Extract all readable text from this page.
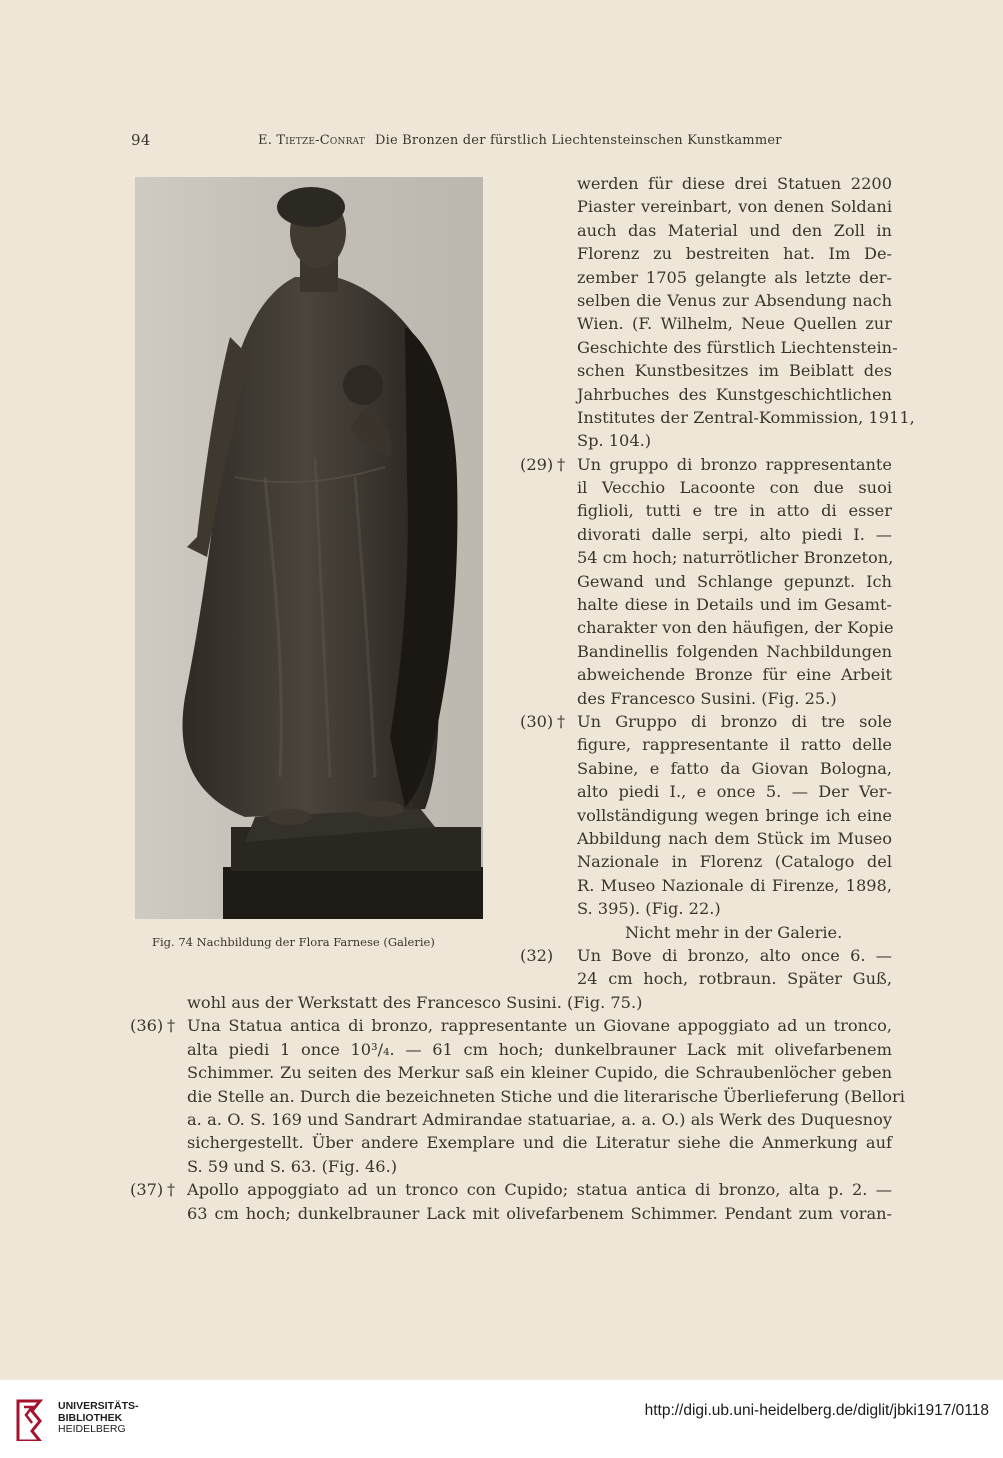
94	E. Tietze-Conrat Die Bronzen der fürstlich Liechtensteinschen Kunstkammer
Fig. 74 Nachbildung der Flora Farnese (Galerie)
werden für diese drei Statuen 2200
Piaster vereinbart, von denen Soldani
auch das Material und den Zoll in
Florenz zu bestreiten hat. Im De-
zember 1705 gelangte als letzte der-
selben die Venus zur Absendung nach
Wien. (F. Wilhelm, Neue Quellen zur
Geschichte des fürstlich Liechtenstein-
schen Kunstbesitzes im Beiblatt des
Jahrbuches des Kunstgeschichtlichen
Institutes der Zentral-Kommission, 1911,
Sp. 104.)
(29) † Un gruppo di bronzo rappresentante
il Vecchio Lacoonte con due suoi
figlioli, tutti e tre in atto di esser
divorati dalle serpi, alto piedi I. —
54 cm hoch; naturrötlicher Bronzeton,
Gewand und Schlange gepunzt. Ich
halte diese in Details und im Gesamt-
charakter von den häufigen, der Kopie
Bandinellis folgenden Nachbildungen
abweichende Bronze für eine Arbeit
des Francesco Susini. (Fig. 25.)
(30) † Un Gruppo di bronzo di tre sole
figure, rappresentante il ratto delle
Sabine, e fatto da Giovan Bologna,
alto piedi I., e once 5. — Der Ver-
vollständigung wegen bringe ich eine
Abbildung nach dem Stück im Museo
Nazionale in Florenz (Catalogo del
R. Museo Nazionale di Firenze, 1898,
S. 395). (Fig. 22.)
Nicht mehr in der Galerie.
(32) Un Bove di bronzo, alto once 6. —
24 cm hoch, rotbraun. Später Guß,
wohl aus der Werkstatt des Francesco Susini. (Fig. 75.)
(36) † Una Statua antica di bronzo, rappresentante un Giovane appoggiato ad un tronco,
alta piedi 1 once 10³/₄. — 61 cm hoch; dunkelbrauner Lack mit olivefarbenem
Schimmer. Zu seiten des Merkur saß ein kleiner Cupido, die Schraubenlöcher geben
die Stelle an. Durch die bezeichneten Stiche und die literarische Überlieferung (Bellori
a. a. O. S. 169 und Sandrart Admirandae statuariae, a. a. O.) als Werk des Duquesnoy
sichergestellt. Über andere Exemplare und die Literatur siehe die Anmerkung auf
S. 59 und S. 63. (Fig. 46.)
(37) † Apollo appoggiato ad un tronco con Cupido; statua antica di bronzo, alta p. 2. —
63 cm hoch; dunkelbrauner Lack mit olivefarbenem Schimmer. Pendant zum voran-
UNIVERSITÄTS-
BIBLIOTHEK
HEIDELBERG
http://digi.ub.uni-heidelberg.de/diglit/jbki1917/0118
